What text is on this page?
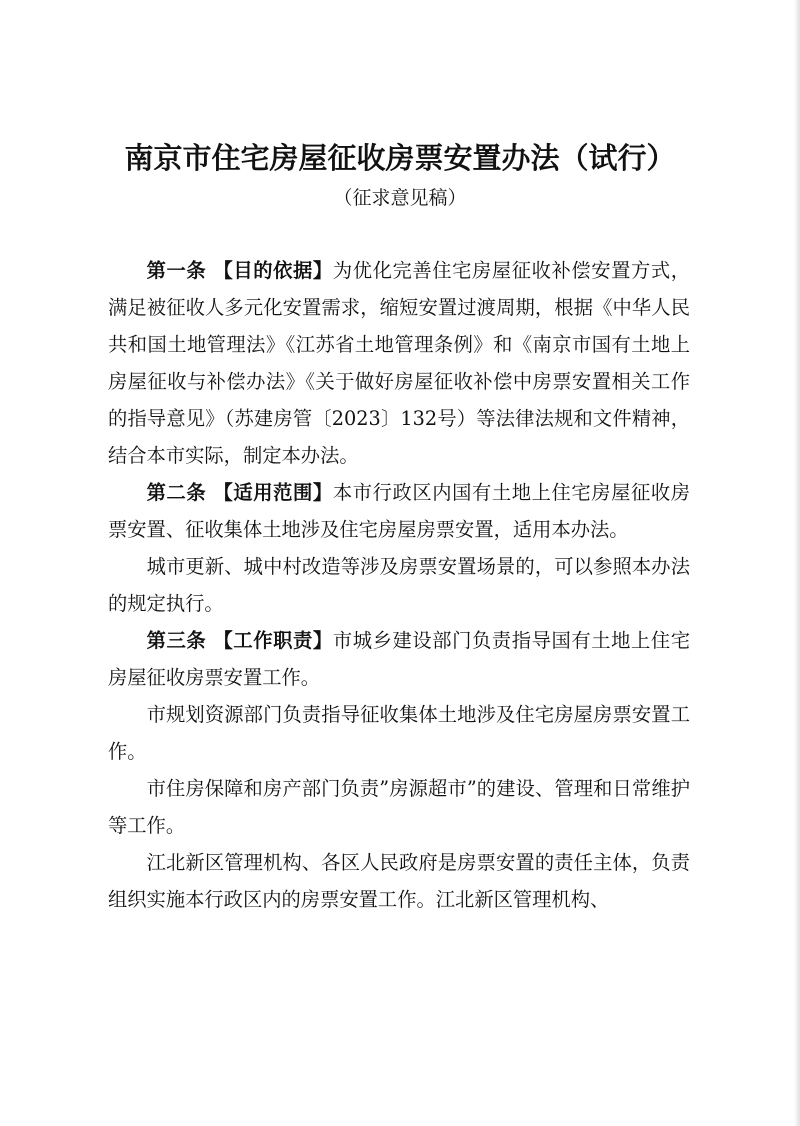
南京市住宅房屋征收房票安置办法（试行）
（征求意见稿）

第一条 【目的依据】为优化完善住宅房屋征收补偿安置方式，满足被征收人多元化安置需求，缩短安置过渡周期，根据《中华人民共和国土地管理法》《江苏省土地管理条例》和《南京市国有土地上房屋征收与补偿办法》《关于做好房屋征收补偿中房票安置相关工作的指导意见》（苏建房管〔2023〕132号）等法律法规和文件精神，结合本市实际，制定本办法。

第二条 【适用范围】本市行政区内国有土地上住宅房屋征收房票安置、征收集体土地涉及住宅房屋房票安置，适用本办法。

城市更新、城中村改造等涉及房票安置场景的，可以参照本办法的规定执行。

第三条 【工作职责】市城乡建设部门负责指导国有土地上住宅房屋征收房票安置工作。

市规划资源部门负责指导征收集体土地涉及住宅房屋房票安置工作。

市住房保障和房产部门负责”房源超市”的建设、管理和日常维护等工作。

江北新区管理机构、各区人民政府是房票安置的责任主体，负责组织实施本行政区内的房票安置工作。江北新区管理机构、
